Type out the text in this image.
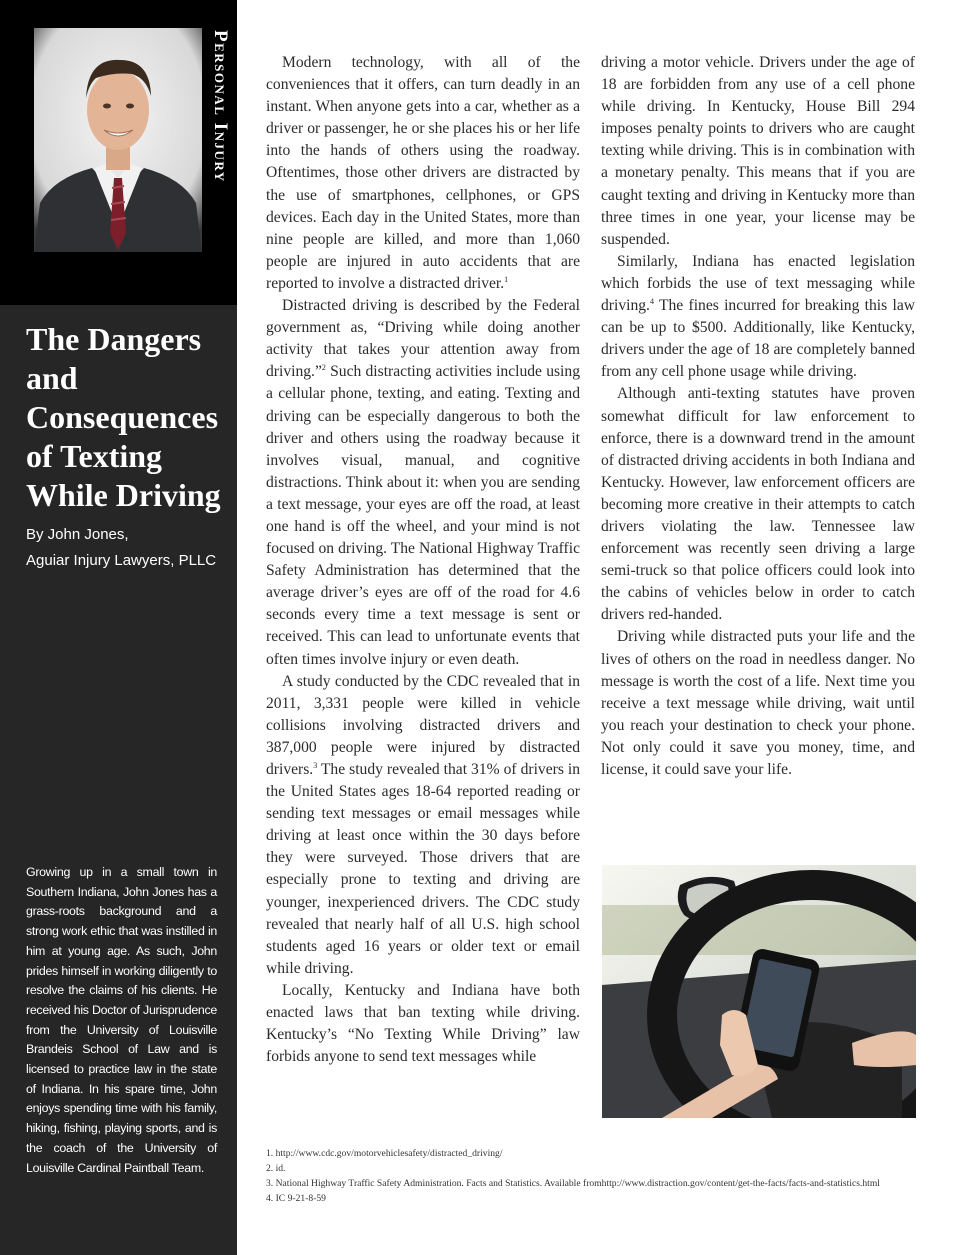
Personal Injury
The Dangers and Consequences of Texting While Driving
By John Jones,
Aguiar Injury Lawyers, PLLC

Growing up in a small town in Southern Indiana, John Jones has a grass-roots background and a strong work ethic that was instilled in him at young age. As such, John prides himself in working diligently to resolve the claims of his clients. He received his Doctor of Jurisprudence from the University of Louisville Brandeis School of Law and is licensed to practice law in the state of Indiana. In his spare time, John enjoys spending time with his family, hiking, fishing, playing sports, and is the coach of the University of Louisville Cardinal Paintball Team.

Modern technology, with all of the conveniences that it offers, can turn deadly in an instant. When anyone gets into a car, whether as a driver or passenger, he or she places his or her life into the hands of others using the roadway. Oftentimes, those other drivers are distracted by the use of smartphones, cellphones, or GPS devices. Each day in the United States, more than nine people are killed, and more than 1,060 people are injured in auto accidents that are reported to involve a distracted driver.$^1$

Distracted driving is described by the Federal government as, “Driving while doing another activity that takes your attention away from driving.”$^2$ Such distracting activities include using a cellular phone, texting, and eating. Texting and driving can be especially dangerous to both the driver and others using the roadway because it involves visual, manual, and cognitive distractions. Think about it: when you are sending a text message, your eyes are off the road, at least one hand is off the wheel, and your mind is not focused on driving. The National Highway Traffic Safety Administration has determined that the average driver’s eyes are off of the road for 4.6 seconds every time a text message is sent or received. This can lead to unfortunate events that often times involve injury or even death.

A study conducted by the CDC revealed that in 2011, 3,331 people were killed in vehicle collisions involving distracted drivers and 387,000 people were injured by distracted drivers.$^3$ The study revealed that 31% of drivers in the United States ages 18-64 reported reading or sending text messages or email messages while driving at least once within the 30 days before they were surveyed. Those drivers that are especially prone to texting and driving are younger, inexperienced drivers. The CDC study revealed that nearly half of all U.S. high school students aged 16 years or older text or email while driving.

Locally, Kentucky and Indiana have both enacted laws that ban texting while driving. Kentucky’s “No Texting While Driving” law forbids anyone to send text messages while

driving a motor vehicle. Drivers under the age of 18 are forbidden from any use of a cell phone while driving. In Kentucky, House Bill 294 imposes penalty points to drivers who are caught texting while driving. This is in combination with a monetary penalty. This means that if you are caught texting and driving in Kentucky more than three times in one year, your license may be suspended.

Similarly, Indiana has enacted legislation which forbids the use of text messaging while driving.$^4$ The fines incurred for breaking this law can be up to $500. Additionally, like Kentucky, drivers under the age of 18 are completely banned from any cell phone usage while driving.

Although anti-texting statutes have proven somewhat difficult for law enforcement to enforce, there is a downward trend in the amount of distracted driving accidents in both Indiana and Kentucky. However, law enforcement officers are becoming more creative in their attempts to catch drivers violating the law. Tennessee law enforcement was recently seen driving a large semi-truck so that police officers could look into the cabins of vehicles below in order to catch drivers red-handed.

Driving while distracted puts your life and the lives of others on the road in needless danger. No message is worth the cost of a life. Next time you receive a text message while driving, wait until you reach your destination to check your phone. Not only could it save you money, time, and license, it could save your life.

1. http://www.cdc.gov/motorvehiclesafety/distracted_driving/
2. id.
3. National Highway Traffic Safety Administration. Facts and Statistics. Available fromhttp://www.distraction.gov/content/get-the-facts/facts-and-statistics.html
4. IC 9-21-8-59
